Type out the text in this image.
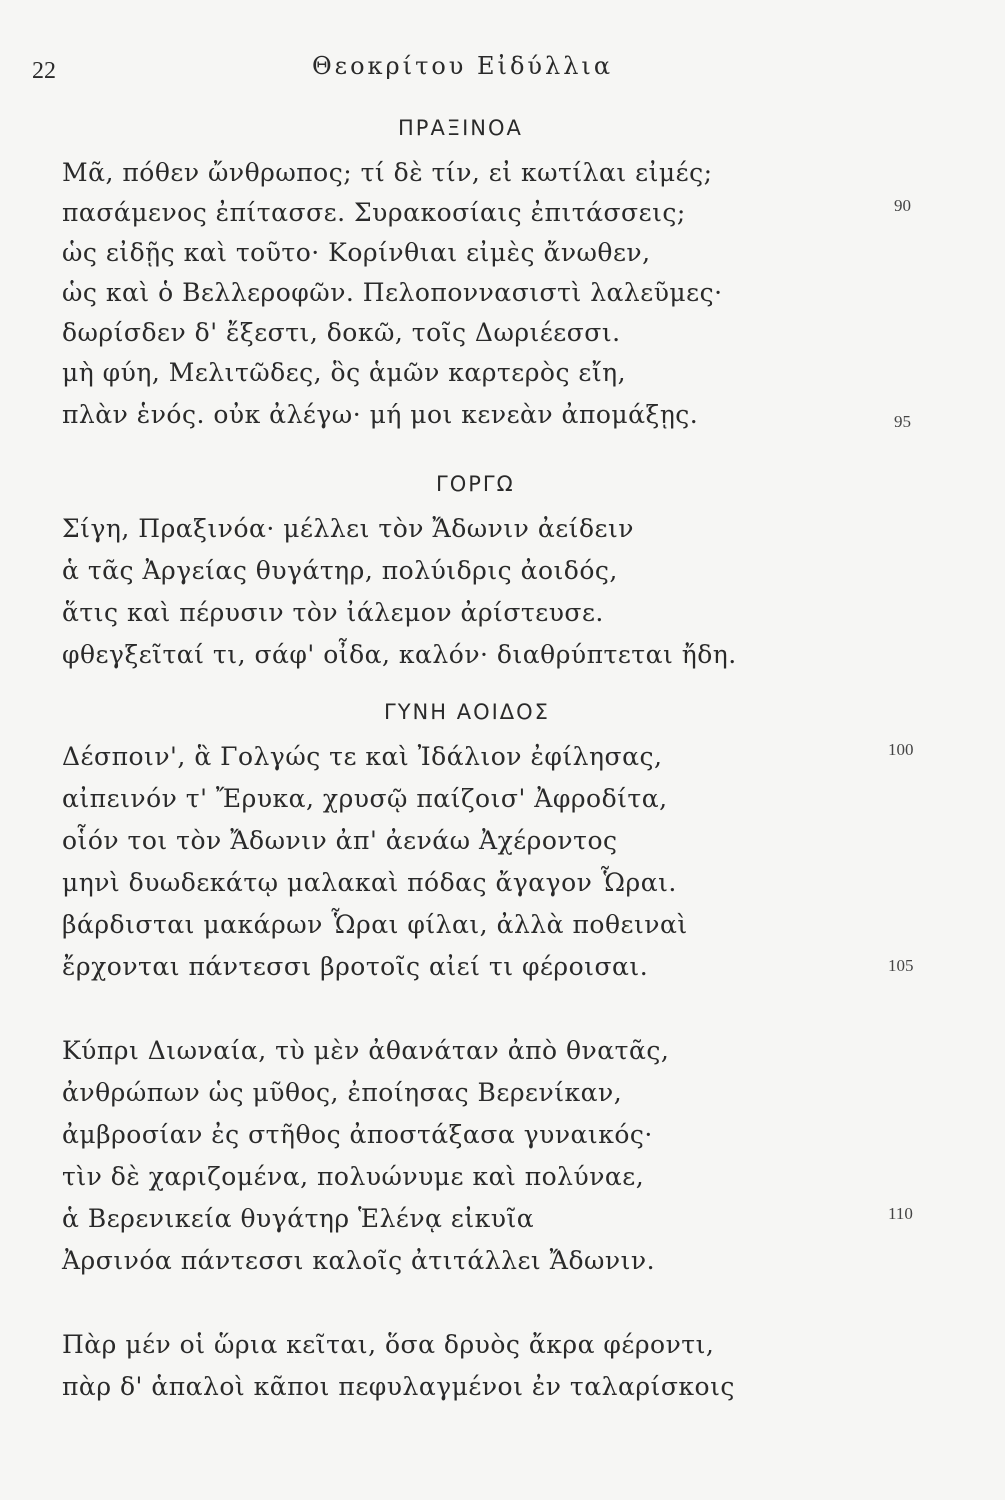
22	Θεοκρίτου Εἰδύλλια
ΠΡΑΞΙΝΟΑ
Μᾶ, πόθεν ὤνθρωπος; τί δὲ τίν, εἰ κωτίλαι εἰμές;
πασάμενος ἐπίτασσε. Συρακοσίαις ἐπιτάσσεις;
ὡς εἰδῇς καὶ τοῦτο· Κορίνθιαι εἰμὲς ἄνωθεν,
ὡς καὶ ὁ Βελλεροφῶν. Πελοποννασιστὶ λαλεῦμες·
δωρίσδεν δ' ἔξεστι, δοκῶ, τοῖς Δωριέεσσι.
μὴ φύη, Μελιτῶδες, ὃς ἁμῶν καρτερὸς εἴη,
πλὰν ἑνός. οὐκ ἀλέγω· μή μοι κενεὰν ἀπομάξῃς.
ΓΟΡΓΩ
Σίγη, Πραξινόα· μέλλει τὸν Ἄδωνιν ἀείδειν
ἁ τᾶς Ἀργείας θυγάτηρ, πολύιδρις ἀοιδός,
ἅτις καὶ πέρυσιν τὸν ἰάλεμον ἀρίστευσε.
φθεγξεῖταί τι, σάφ' οἶδα, καλόν· διαθρύπτεται ἤδη.
ΓΥΝΗ ΑΟΙΔΟΣ
Δέσποιν', ἃ Γολγώς τε καὶ Ἰδάλιον ἐφίλησας,
αἰπεινόν τ' Ἔρυκα, χρυσῷ παίζοισ' Ἀφροδίτα,
οἷόν τοι τὸν Ἄδωνιν ἀπ' ἀενάω Ἀχέροντος
μηνὶ δυωδεκάτῳ μαλακαὶ πόδας ἄγαγον Ὧραι.
βάρδισται μακάρων Ὧραι φίλαι, ἀλλὰ ποθειναὶ
ἔρχονται πάντεσσι βροτοῖς αἰεί τι φέροισαι.
Κύπρι Διωναία, τὺ μὲν ἀθανάταν ἀπὸ θνατᾶς,
ἀνθρώπων ὡς μῦθος, ἐποίησας Βερενίκαν,
ἀμβροσίαν ἐς στῆθος ἀποστάξασα γυναικός·
τὶν δὲ χαριζομένα, πολυώνυμε καὶ πολύναε,
ἁ Βερενικεία θυγάτηρ Ἑλένᾳ εἰκυῖα
Ἀρσινόα πάντεσσι καλοῖς ἀτιτάλλει Ἄδωνιν.
Πὰρ μέν οἱ ὥρια κεῖται, ὅσα δρυὸς ἄκρα φέροντι,
πὰρ δ' ἁπαλοὶ κᾶποι πεφυλαγμένοι ἐν ταλαρίσκοις
90
95
100
105
110
